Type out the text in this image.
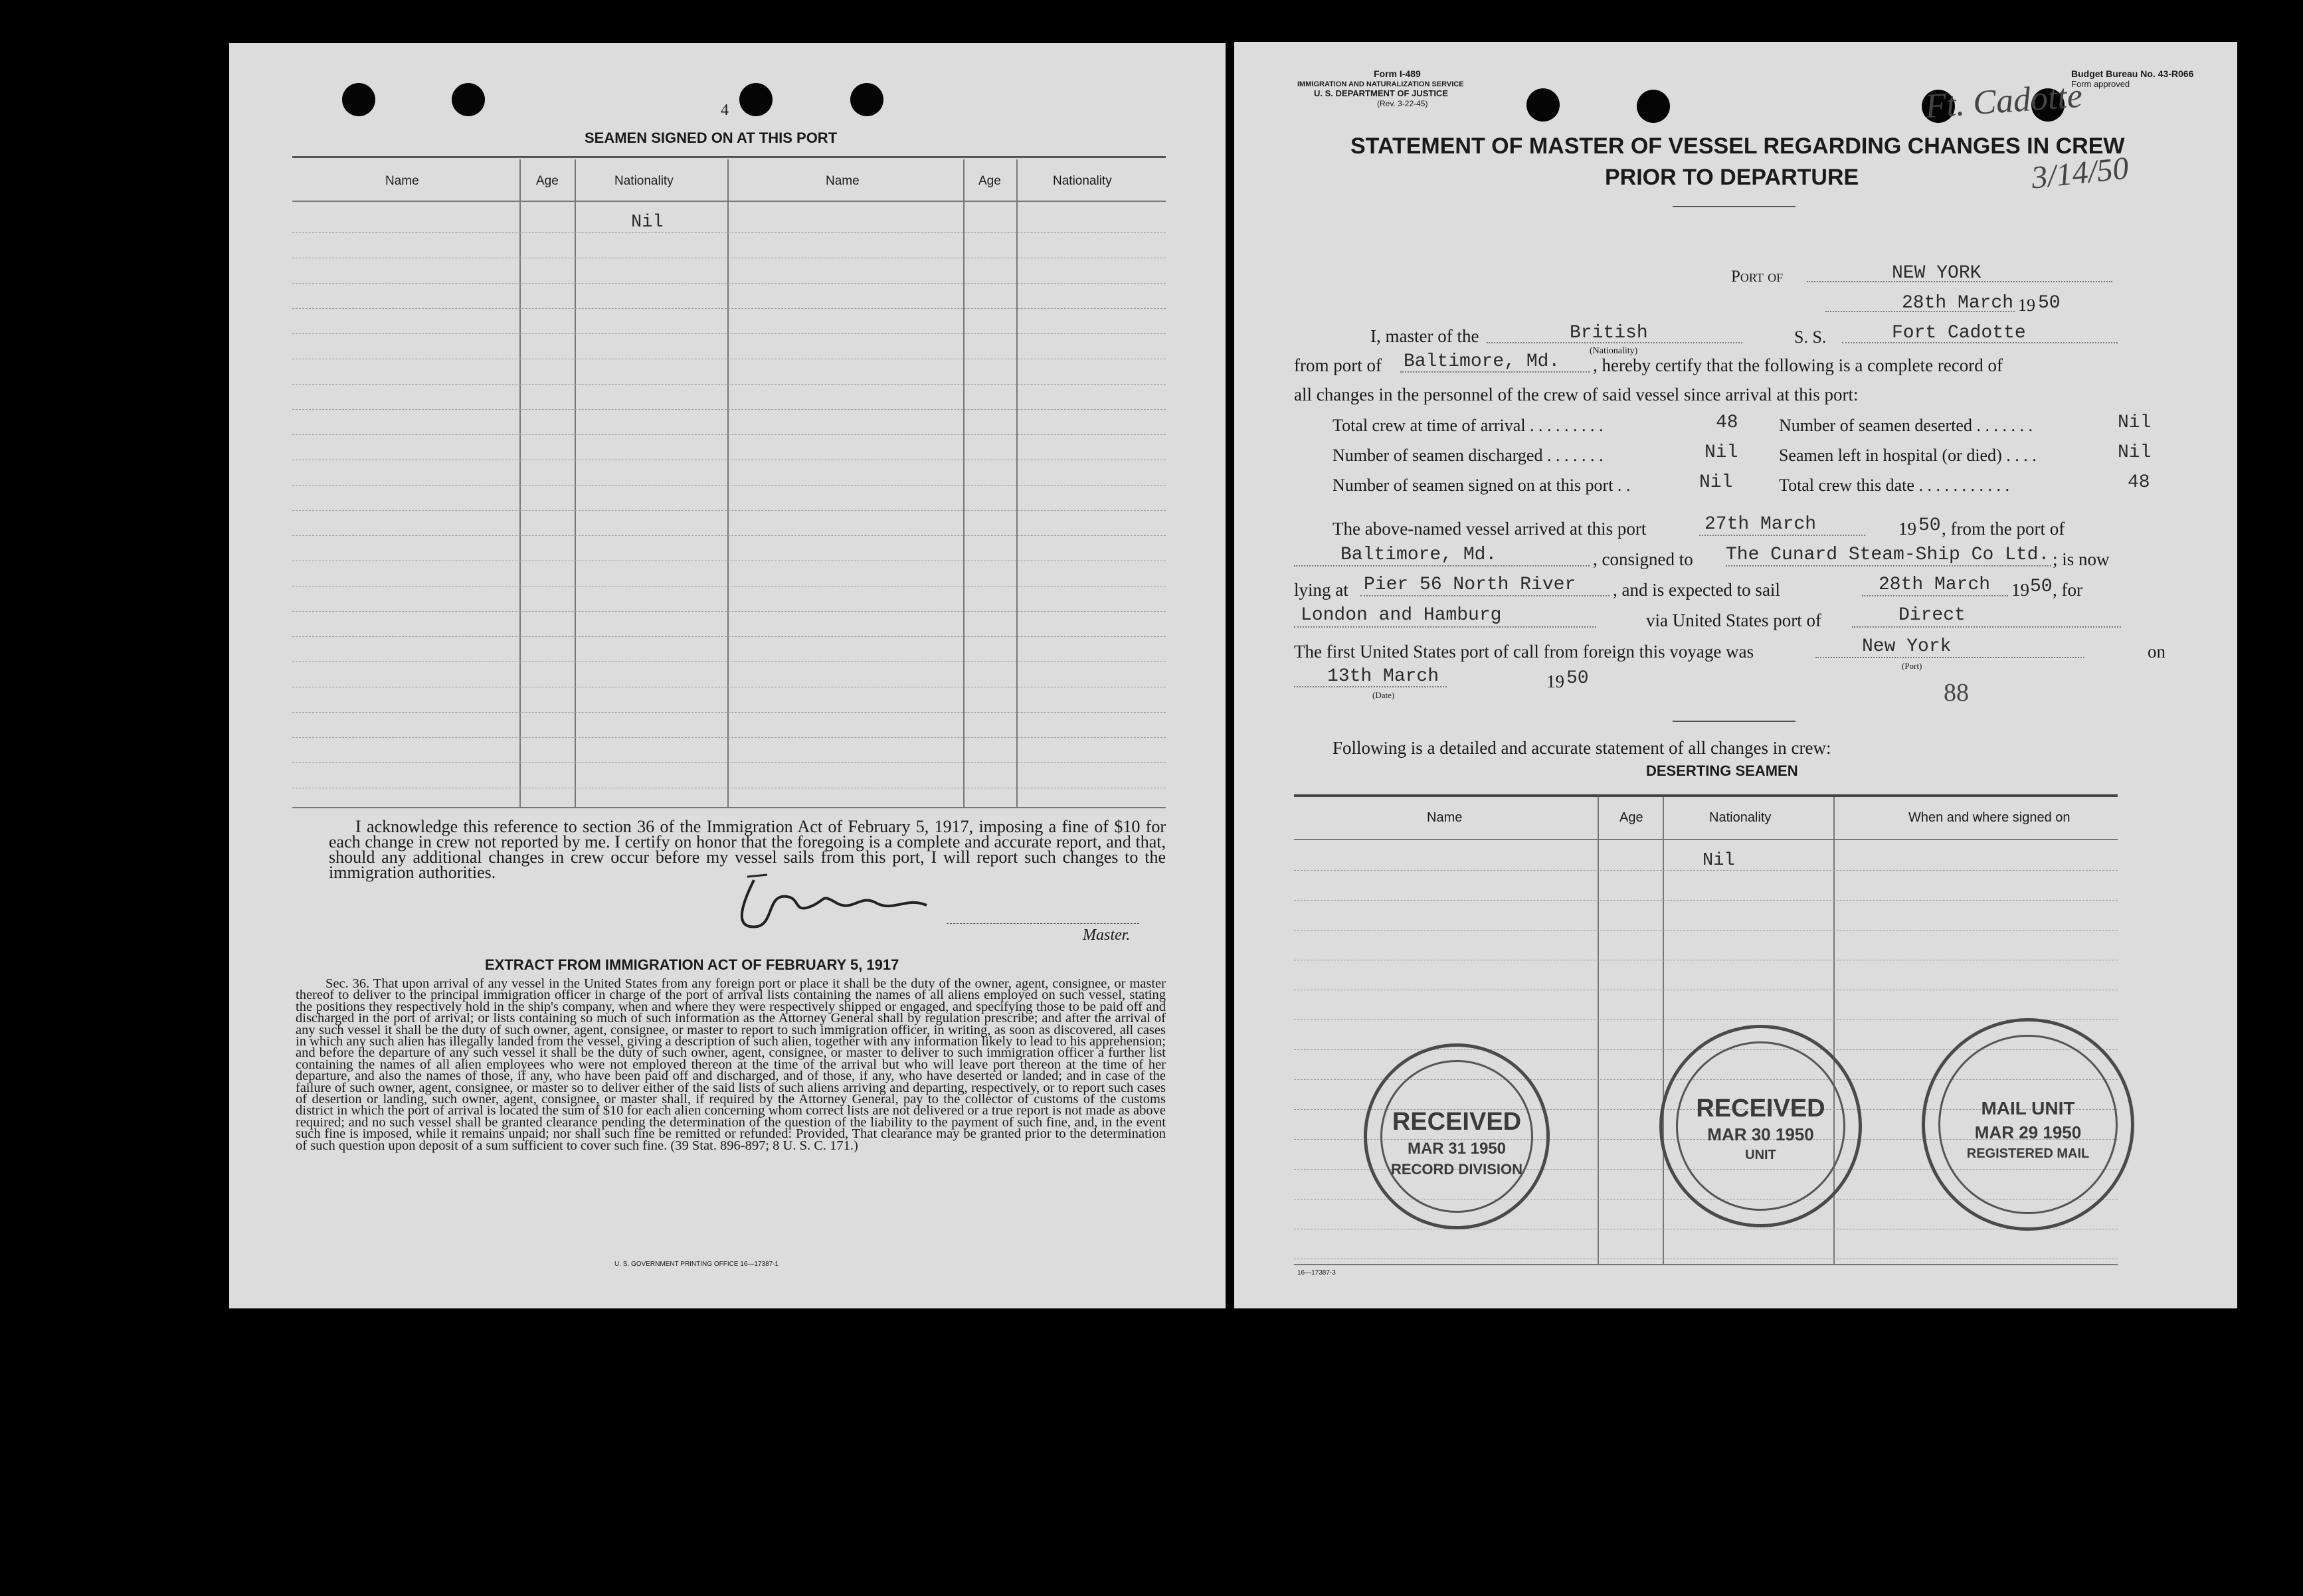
4
SEAMEN SIGNED ON AT THIS PORT
Name	Age	Nationality	Name	Age	Nationality
Nil
I acknowledge this reference to section 36 of the Immigration Act of February 5, 1917, imposing a fine of $10 for each change in crew not reported by me. I certify on honor that the foregoing is a complete and accurate report, and that, should any additional changes in crew occur before my vessel sails from this port, I will report such changes to the immigration authorities.
Master.
EXTRACT FROM IMMIGRATION ACT OF FEBRUARY 5, 1917
Sec. 36. That upon arrival of any vessel in the United States from any foreign port or place it shall be the duty of the owner, agent, consignee, or master thereof to deliver to the principal immigration officer in charge of the port of arrival lists containing the names of all aliens employed on such vessel, stating the positions they respectively hold in the ship's company, when and where they were respectively shipped or engaged, and specifying those to be paid off and discharged in the port of arrival; or lists containing so much of such information as the Attorney General shall by regulation prescribe; and after the arrival of any such vessel it shall be the duty of such owner, agent, consignee, or master to report to such immigration officer, in writing, as soon as discovered, all cases in which any such alien has illegally landed from the vessel, giving a description of such alien, together with any information likely to lead to his apprehension; and before the departure of any such vessel it shall be the duty of such owner, agent, consignee, or master to deliver to such immigration officer a further list containing the names of all alien employees who were not employed thereon at the time of the arrival but who will leave port thereon at the time of her departure, and also the names of those, if any, who have been paid off and discharged, and of those, if any, who have deserted or landed; and in case of the failure of such owner, agent, consignee, or master so to deliver either of the said lists of such aliens arriving and departing, respectively, or to report such cases of desertion or landing, such owner, agent, consignee, or master shall, if required by the Attorney General, pay to the collector of customs of the customs district in which the port of arrival is located the sum of $10 for each alien concerning whom correct lists are not delivered or a true report is not made as above required; and no such vessel shall be granted clearance pending the determination of the question of the liability to the payment of such fine, and, in the event such fine is imposed, while it remains unpaid; nor shall such fine be remitted or refunded: Provided, That clearance may be granted prior to the determination of such question upon deposit of a sum sufficient to cover such fine. (39 Stat. 896-897; 8 U. S. C. 171.)
U. S. GOVERNMENT PRINTING OFFICE 16—17387-1
Form I-489
IMMIGRATION AND NATURALIZATION SERVICE
U. S. DEPARTMENT OF JUSTICE
(Rev. 3-22-45)
Budget Bureau No. 43-R066
Form approved
Ft. Cadotte
3/14/50
STATEMENT OF MASTER OF VESSEL REGARDING CHANGES IN CREW
PRIOR TO DEPARTURE
Port of	NEW YORK
28th March 19 50
I, master of the	British
(Nationality)
S. S.	Fort Cadotte
from port of Baltimore, Md. , hereby certify that the following is a complete record of
all changes in the personnel of the crew of said vessel since arrival at this port:
Total crew at time of arrival . . . . . . . . .	48 Number of seamen deserted . . . . . . .	Nil
Number of seamen discharged . . . . . . .	Nil Seamen left in hospital (or died) . . . .	Nil
Number of seamen signed on at this port . .	Nil	Total crew this date . . . . . . . . . . .	48
The above-named vessel arrived at this port	27th March	19 50 , from the port of
Baltimore, Md.	, consigned to The Cunard Steam-Ship Co Ltd. ; is now
lying at Pier 56 North River , and is expected to sail	28th March 19 50 , for
London and Hamburg	via United States port of	Direct
The first United States port of call from foreign this voyage was	New York
(Port)
on
13th March
(Date)
19 50
88
Following is a detailed and accurate statement of all changes in crew:
DESERTING SEAMEN
Name	Age	Nationality	When and where signed on
Nil
RECEIVED
MAR 31 1950
RECORD DIVISION
RECEIVED
MAR 30 1950
UNIT
MAIL UNIT
MAR 29 1950
REGISTERED MAIL
16—17387-3
